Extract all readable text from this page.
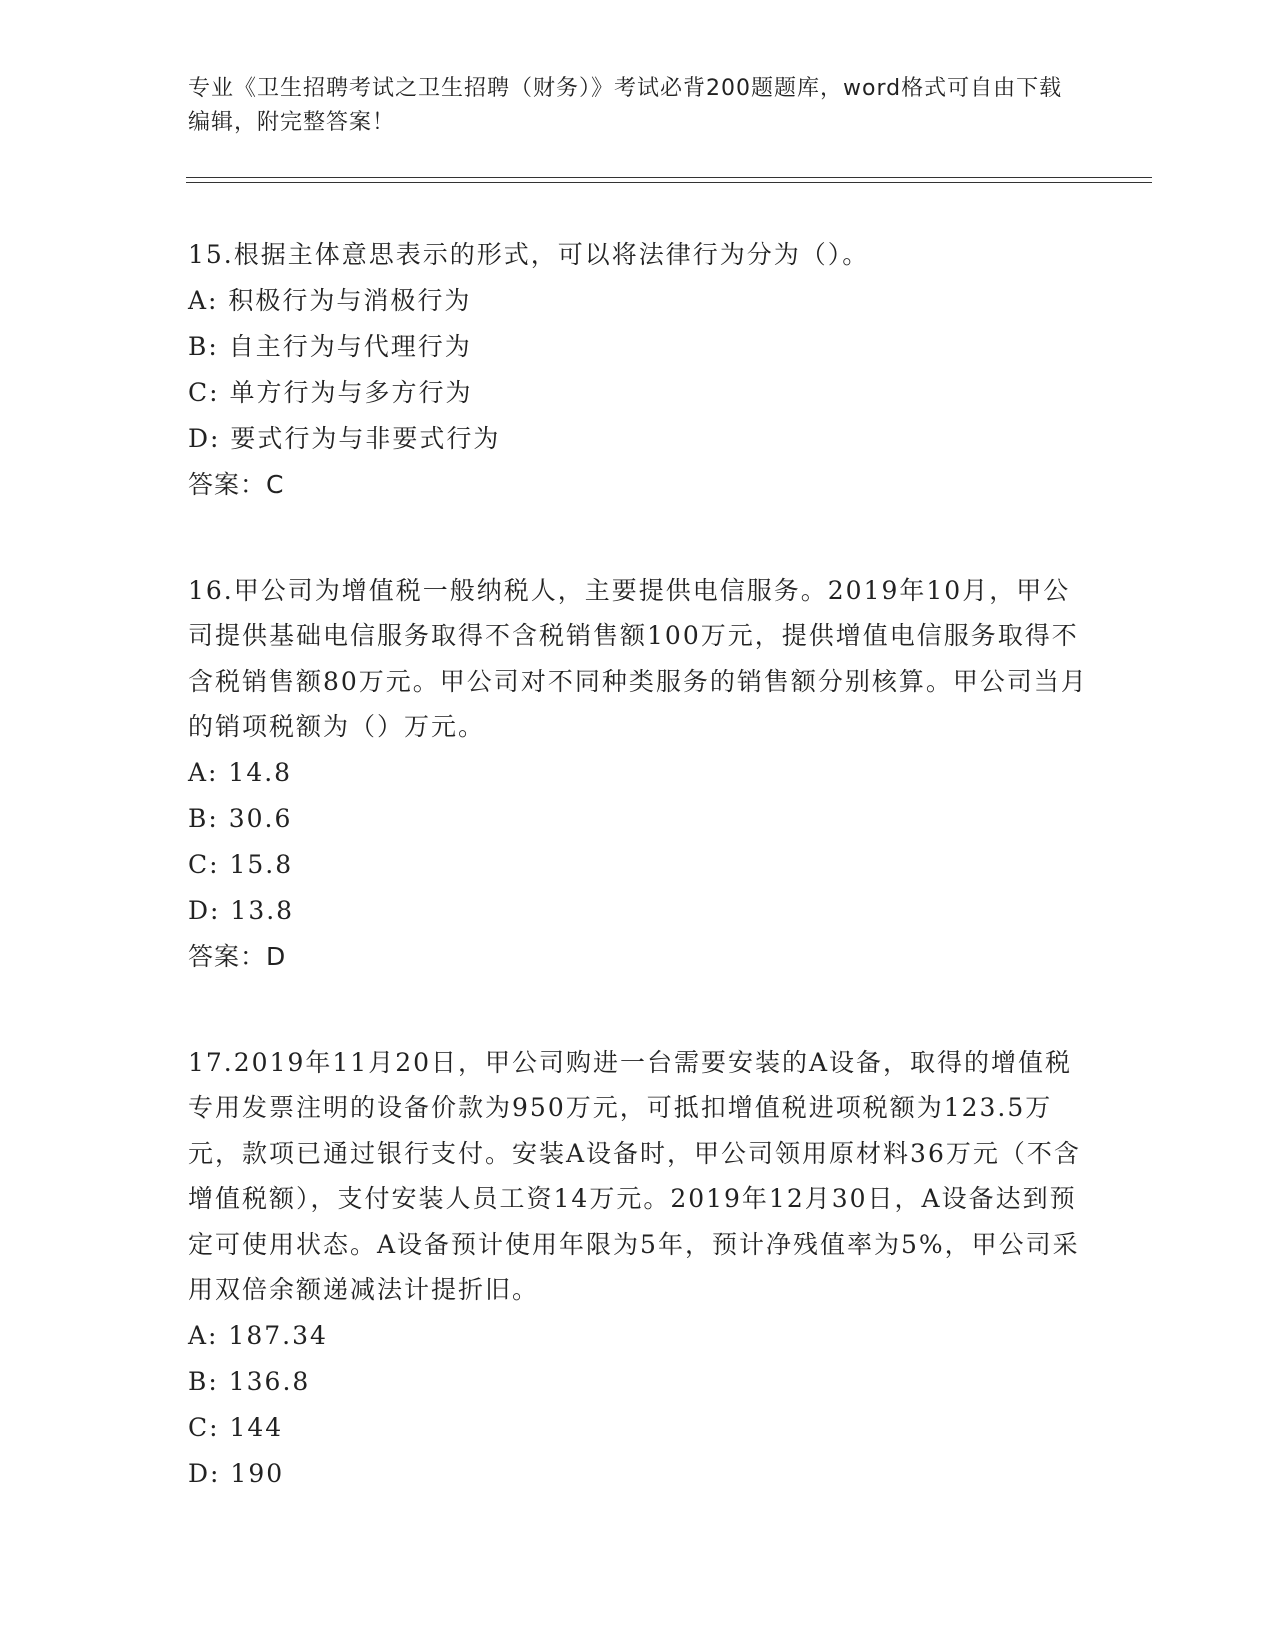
专业《卫生招聘考试之卫生招聘（财务）》考试必背200题题库，word格式可自由下载编辑，附完整答案！

15.根据主体意思表示的形式，可以将法律行为分为（）。

A: 积极行为与消极行为
B: 自主行为与代理行为
C: 单方行为与多方行为
D: 要式行为与非要式行为
答案：C

16.甲公司为增值税一般纳税人，主要提供电信服务。2019年10月，甲公司提供基础电信服务取得不含税销售额100万元，提供增值电信服务取得不含税销售额80万元。甲公司对不同种类服务的销售额分别核算。甲公司当月的销项税额为（）万元。

A: 14.8
B: 30.6
C: 15.8
D: 13.8
答案：D

17.2019年11月20日，甲公司购进一台需要安装的A设备，取得的增值税专用发票注明的设备价款为950万元，可抵扣增值税进项税额为123.5万元，款项已通过银行支付。安装A设备时，甲公司领用原材料36万元（不含增值税额），支付安装人员工资14万元。2019年12月30日，A设备达到预定可使用状态。A设备预计使用年限为5年，预计净残值率为5%，甲公司采用双倍余额递减法计提折旧。

A: 187.34
B: 136.8
C: 144
D: 190
